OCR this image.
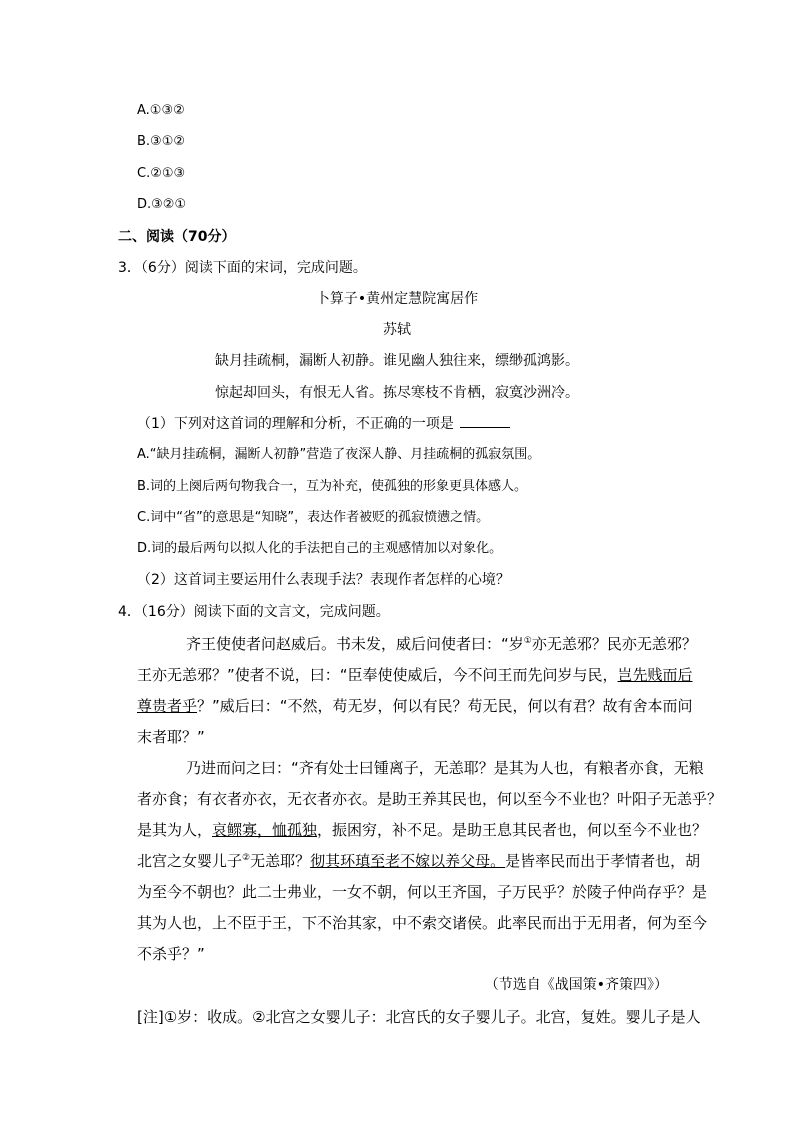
A.①③②
B.③①②
C.②①③
D.③②①
二、阅读（70分）
3．（6分）阅读下面的宋词，完成问题。
卜算子•黄州定慧院寓居作
苏轼
缺月挂疏桐，漏断人初静。谁见幽人独往来，缥缈孤鸿影。
惊起却回头，有恨无人省。拣尽寒枝不肯栖，寂寞沙洲冷。
（1）下列对这首词的理解和分析，不正确的一项是
A.“缺月挂疏桐，漏断人初静”营造了夜深人静、月挂疏桐的孤寂氛围。
B.词的上阕后两句物我合一，互为补充，使孤独的形象更具体感人。
C.词中“省”的意思是“知晓”，表达作者被贬的孤寂愤懑之情。
D.词的最后两句以拟人化的手法把自己的主观感情加以对象化。
（2）这首词主要运用什么表现手法？表现作者怎样的心境？
4．（16分）阅读下面的文言文，完成问题。
齐王使使者问赵威后。书未发，威后问使者曰：“岁①亦无恙邪？民亦无恙邪？
王亦无恙邪？”使者不说，曰：“臣奉使使威后，今不问王而先问岁与民，岂先贱而后
尊贵者乎？”威后曰：“不然，苟无岁，何以有民？苟无民，何以有君？故有舍本而问
末者耶？”
乃进而问之曰：“齐有处士曰锺离子，无恙耶？是其为人也，有粮者亦食，无粮
者亦食；有衣者亦衣，无衣者亦衣。是助王养其民也，何以至今不业也？叶阳子无恙乎？
是其为人，哀鳏寡，恤孤独，振困穷，补不足。是助王息其民者也，何以至今不业也？
北宫之女婴儿子②无恙耶？彻其环瑱至老不嫁以养父母。是皆率民而出于孝情者也，胡
为至今不朝也？此二士弗业，一女不朝，何以王齐国，子万民乎？於陵子仲尚存乎？是
其为人也，上不臣于王，下不治其家，中不索交诸侯。此率民而出于无用者，何为至今
不杀乎？”
（节选自《战国策•齐策四》）
[注]①岁：收成。②北宫之女婴儿子：北宫氏的女子婴儿子。北宫，复姓。婴儿子是人
